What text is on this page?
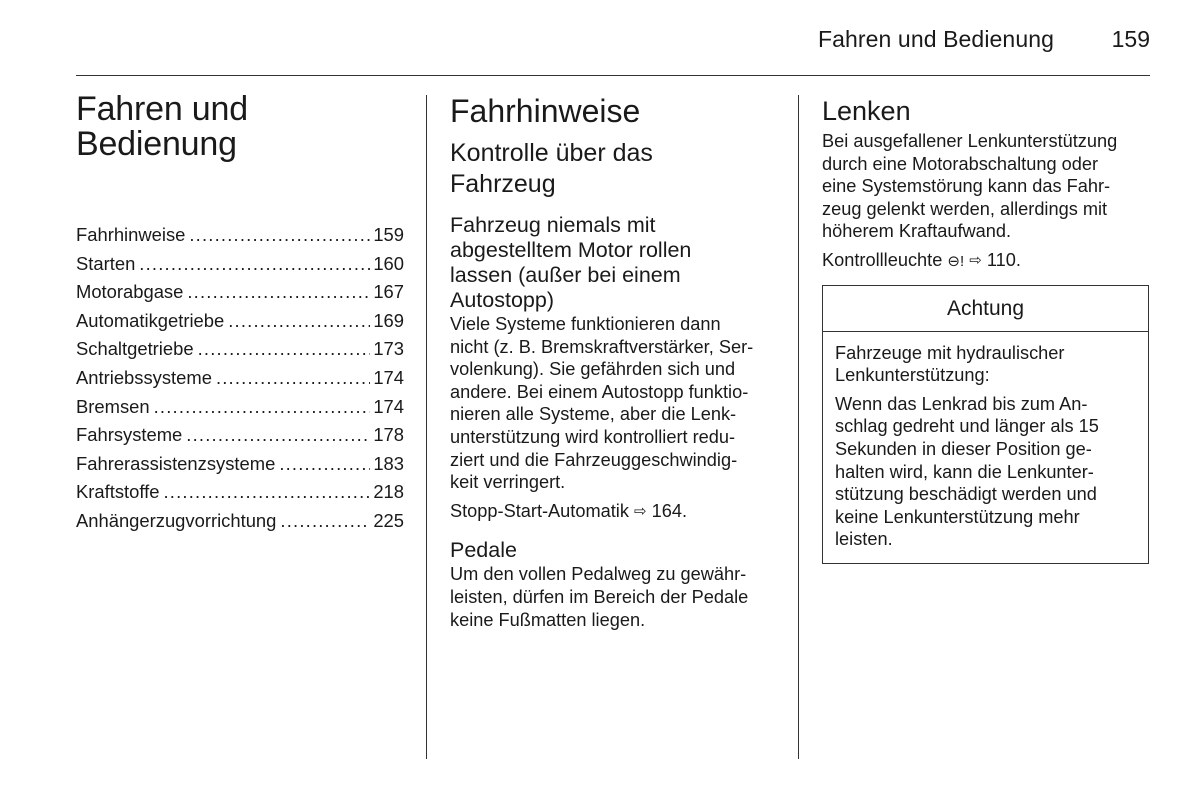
Fahren und Bedienung	159
Fahren und
Bedienung
Fahrhinweise .....	159
Starten .....	160
Motorabgase .....	167
Automatikgetriebe .....	169
Schaltgetriebe .....	173
Antriebssysteme .....	174
Bremsen .....	174
Fahrsysteme .....	178
Fahrerassistenzsysteme .....	183
Kraftstoffe .....	218
Anhängerzugvorrichtung .....	225
Fahrhinweise
Kontrolle über das
Fahrzeug
Fahrzeug niemals mit
abgestelltem Motor rollen
lassen (außer bei einem
Autostopp)

Viele Systeme funktionieren dann
nicht (z. B. Bremskraftverstärker, Ser-
volenkung). Sie gefährden sich und
andere. Bei einem Autostopp funktio-
nieren alle Systeme, aber die Lenk-
unterstützung wird kontrolliert redu-
ziert und die Fahrzeuggeschwindig-
keit verringert.

Stopp-Start-Automatik ⇨ 164.

Pedale

Um den vollen Pedalweg zu gewähr-
leisten, dürfen im Bereich der Pedale
keine Fußmatten liegen.

Lenken

Bei ausgefallener Lenkunterstützung
durch eine Motorabschaltung oder
eine Systemstörung kann das Fahr-
zeug gelenkt werden, allerdings mit
höherem Kraftaufwand.

Kontrollleuchte ⊖! ⇨ 110.

Achtung

Fahrzeuge mit hydraulischer
Lenkunterstützung:

Wenn das Lenkrad bis zum An-
schlag gedreht und länger als 15
Sekunden in dieser Position ge-
halten wird, kann die Lenkunter-
stützung beschädigt werden und
keine Lenkunterstützung mehr
leisten.
